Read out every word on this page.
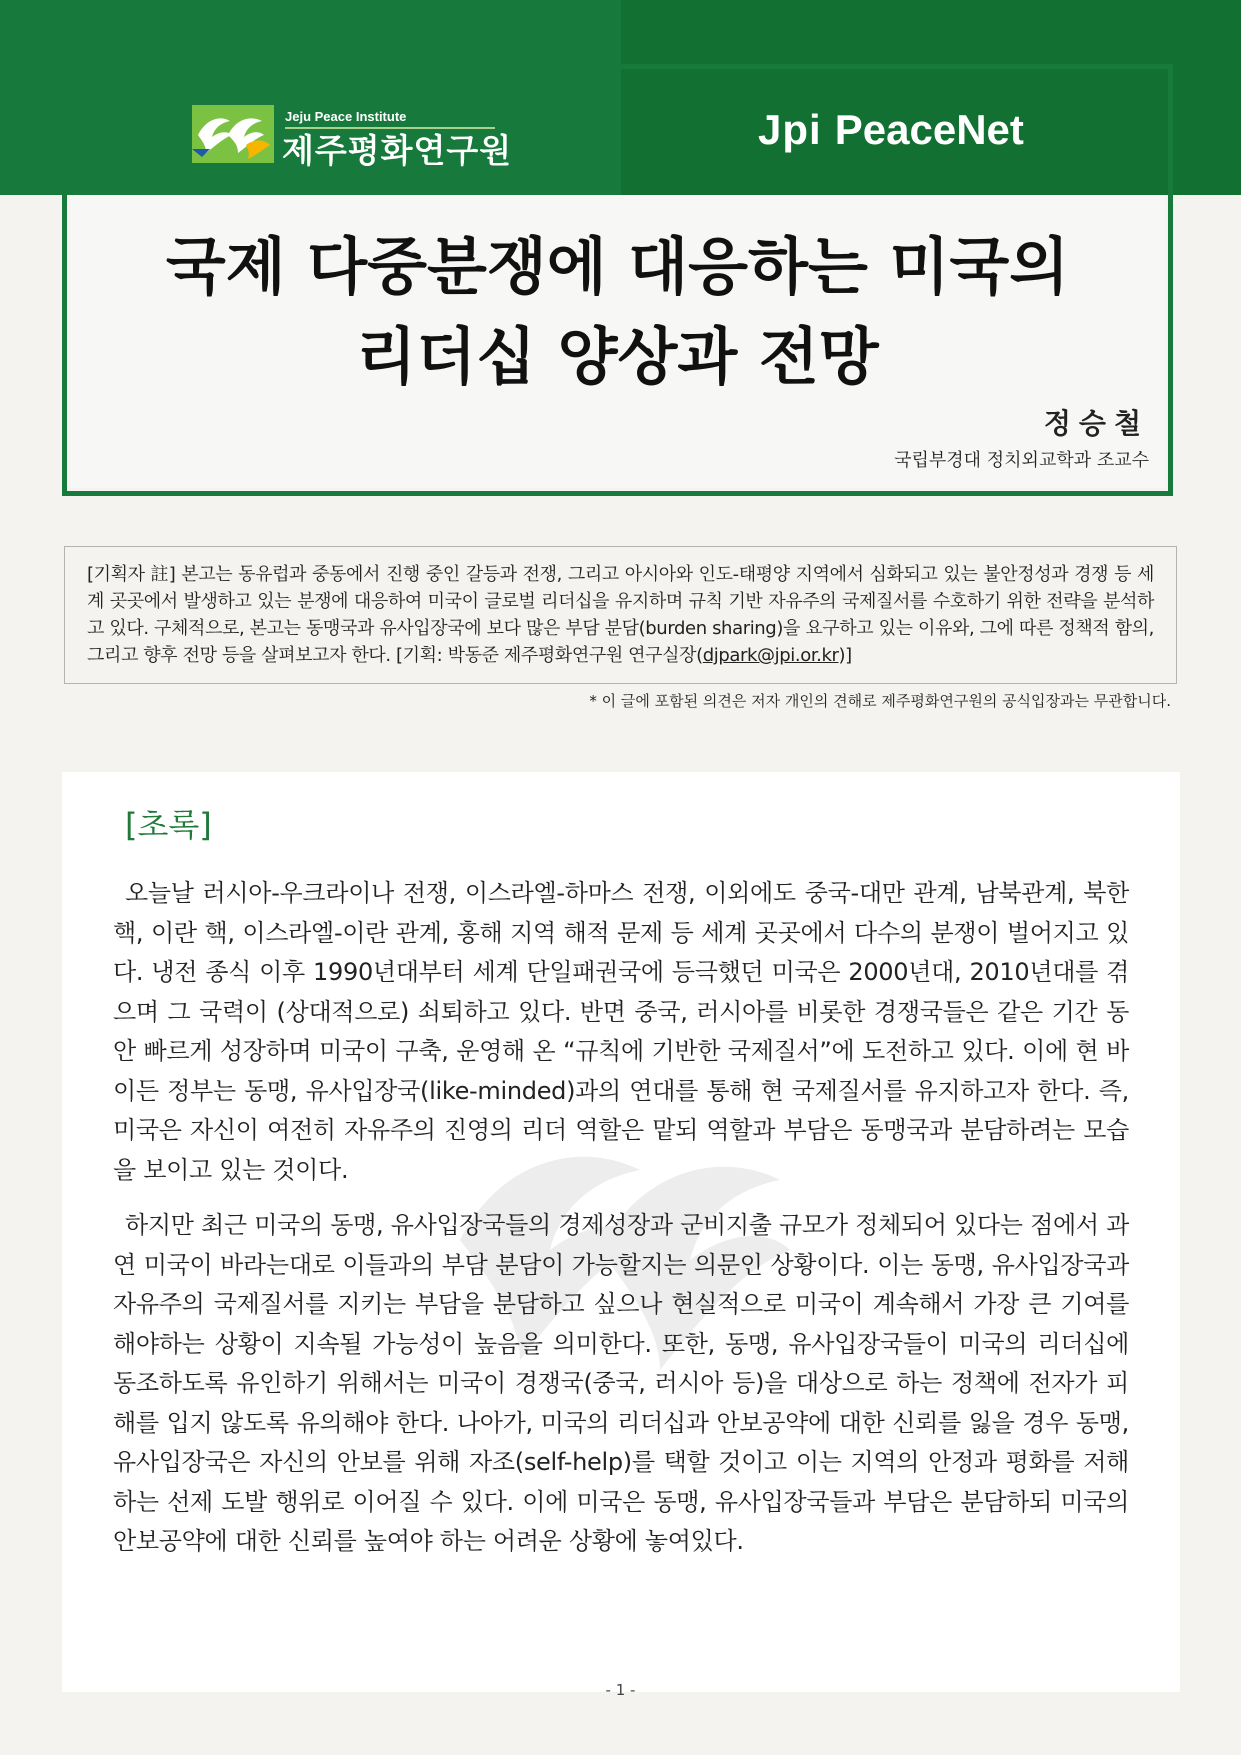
Jeju Peace Institute
제주평화연구원	Jpi PeaceNet
국제 다중분쟁에 대응하는 미국의
리더십 양상과 전망
정승철
국립부경대 정치외교학과 조교수
[기획자 註] 본고는 동유럽과 중동에서 진행 중인 갈등과 전쟁, 그리고 아시아와 인도-태평양 지역에서 심화되고 있는 불안정성과 경쟁 등 세계 곳곳에서 발생하고 있는 분쟁에 대응하여 미국이 글로벌 리더십을 유지하며 규칙 기반 자유주의 국제질서를 수호하기 위한 전략을 분석하고 있다. 구체적으로, 본고는 동맹국과 유사입장국에 보다 많은 부담 분담(burden sharing)을 요구하고 있는 이유와, 그에 따른 정책적 함의, 그리고 향후 전망 등을 살펴보고자 한다. [기획: 박동준 제주평화연구원 연구실장(djpark@jpi.or.kr)]
* 이 글에 포함된 의견은 저자 개인의 견해로 제주평화연구원의 공식입장과는 무관합니다.
[초록]

오늘날 러시아-우크라이나 전쟁, 이스라엘-하마스 전쟁, 이외에도 중국-대만 관계, 남북관계, 북한 핵, 이란 핵, 이스라엘-이란 관계, 홍해 지역 해적 문제 등 세계 곳곳에서 다수의 분쟁이 벌어지고 있다. 냉전 종식 이후 1990년대부터 세계 단일패권국에 등극했던 미국은 2000년대, 2010년대를 겪으며 그 국력이 (상대적으로) 쇠퇴하고 있다. 반면 중국, 러시아를 비롯한 경쟁국들은 같은 기간 동안 빠르게 성장하며 미국이 구축, 운영해 온 “규칙에 기반한 국제질서”에 도전하고 있다. 이에 현 바이든 정부는 동맹, 유사입장국(like-minded)과의 연대를 통해 현 국제질서를 유지하고자 한다. 즉, 미국은 자신이 여전히 자유주의 진영의 리더 역할은 맡되 역할과 부담은 동맹국과 분담하려는 모습을 보이고 있는 것이다.

하지만 최근 미국의 동맹, 유사입장국들의 경제성장과 군비지출 규모가 정체되어 있다는 점에서 과연 미국이 바라는대로 이들과의 부담 분담이 가능할지는 의문인 상황이다. 이는 동맹, 유사입장국과 자유주의 국제질서를 지키는 부담을 분담하고 싶으나 현실적으로 미국이 계속해서 가장 큰 기여를 해야하는 상황이 지속될 가능성이 높음을 의미한다. 또한, 동맹, 유사입장국들이 미국의 리더십에 동조하도록 유인하기 위해서는 미국이 경쟁국(중국, 러시아 등)을 대상으로 하는 정책에 전자가 피해를 입지 않도록 유의해야 한다. 나아가, 미국의 리더십과 안보공약에 대한 신뢰를 잃을 경우 동맹, 유사입장국은 자신의 안보를 위해 자조(self-help)를 택할 것이고 이는 지역의 안정과 평화를 저해하는 선제 도발 행위로 이어질 수 있다. 이에 미국은 동맹, 유사입장국들과 부담은 분담하되 미국의 안보공약에 대한 신뢰를 높여야 하는 어려운 상황에 놓여있다.

- 1 -
